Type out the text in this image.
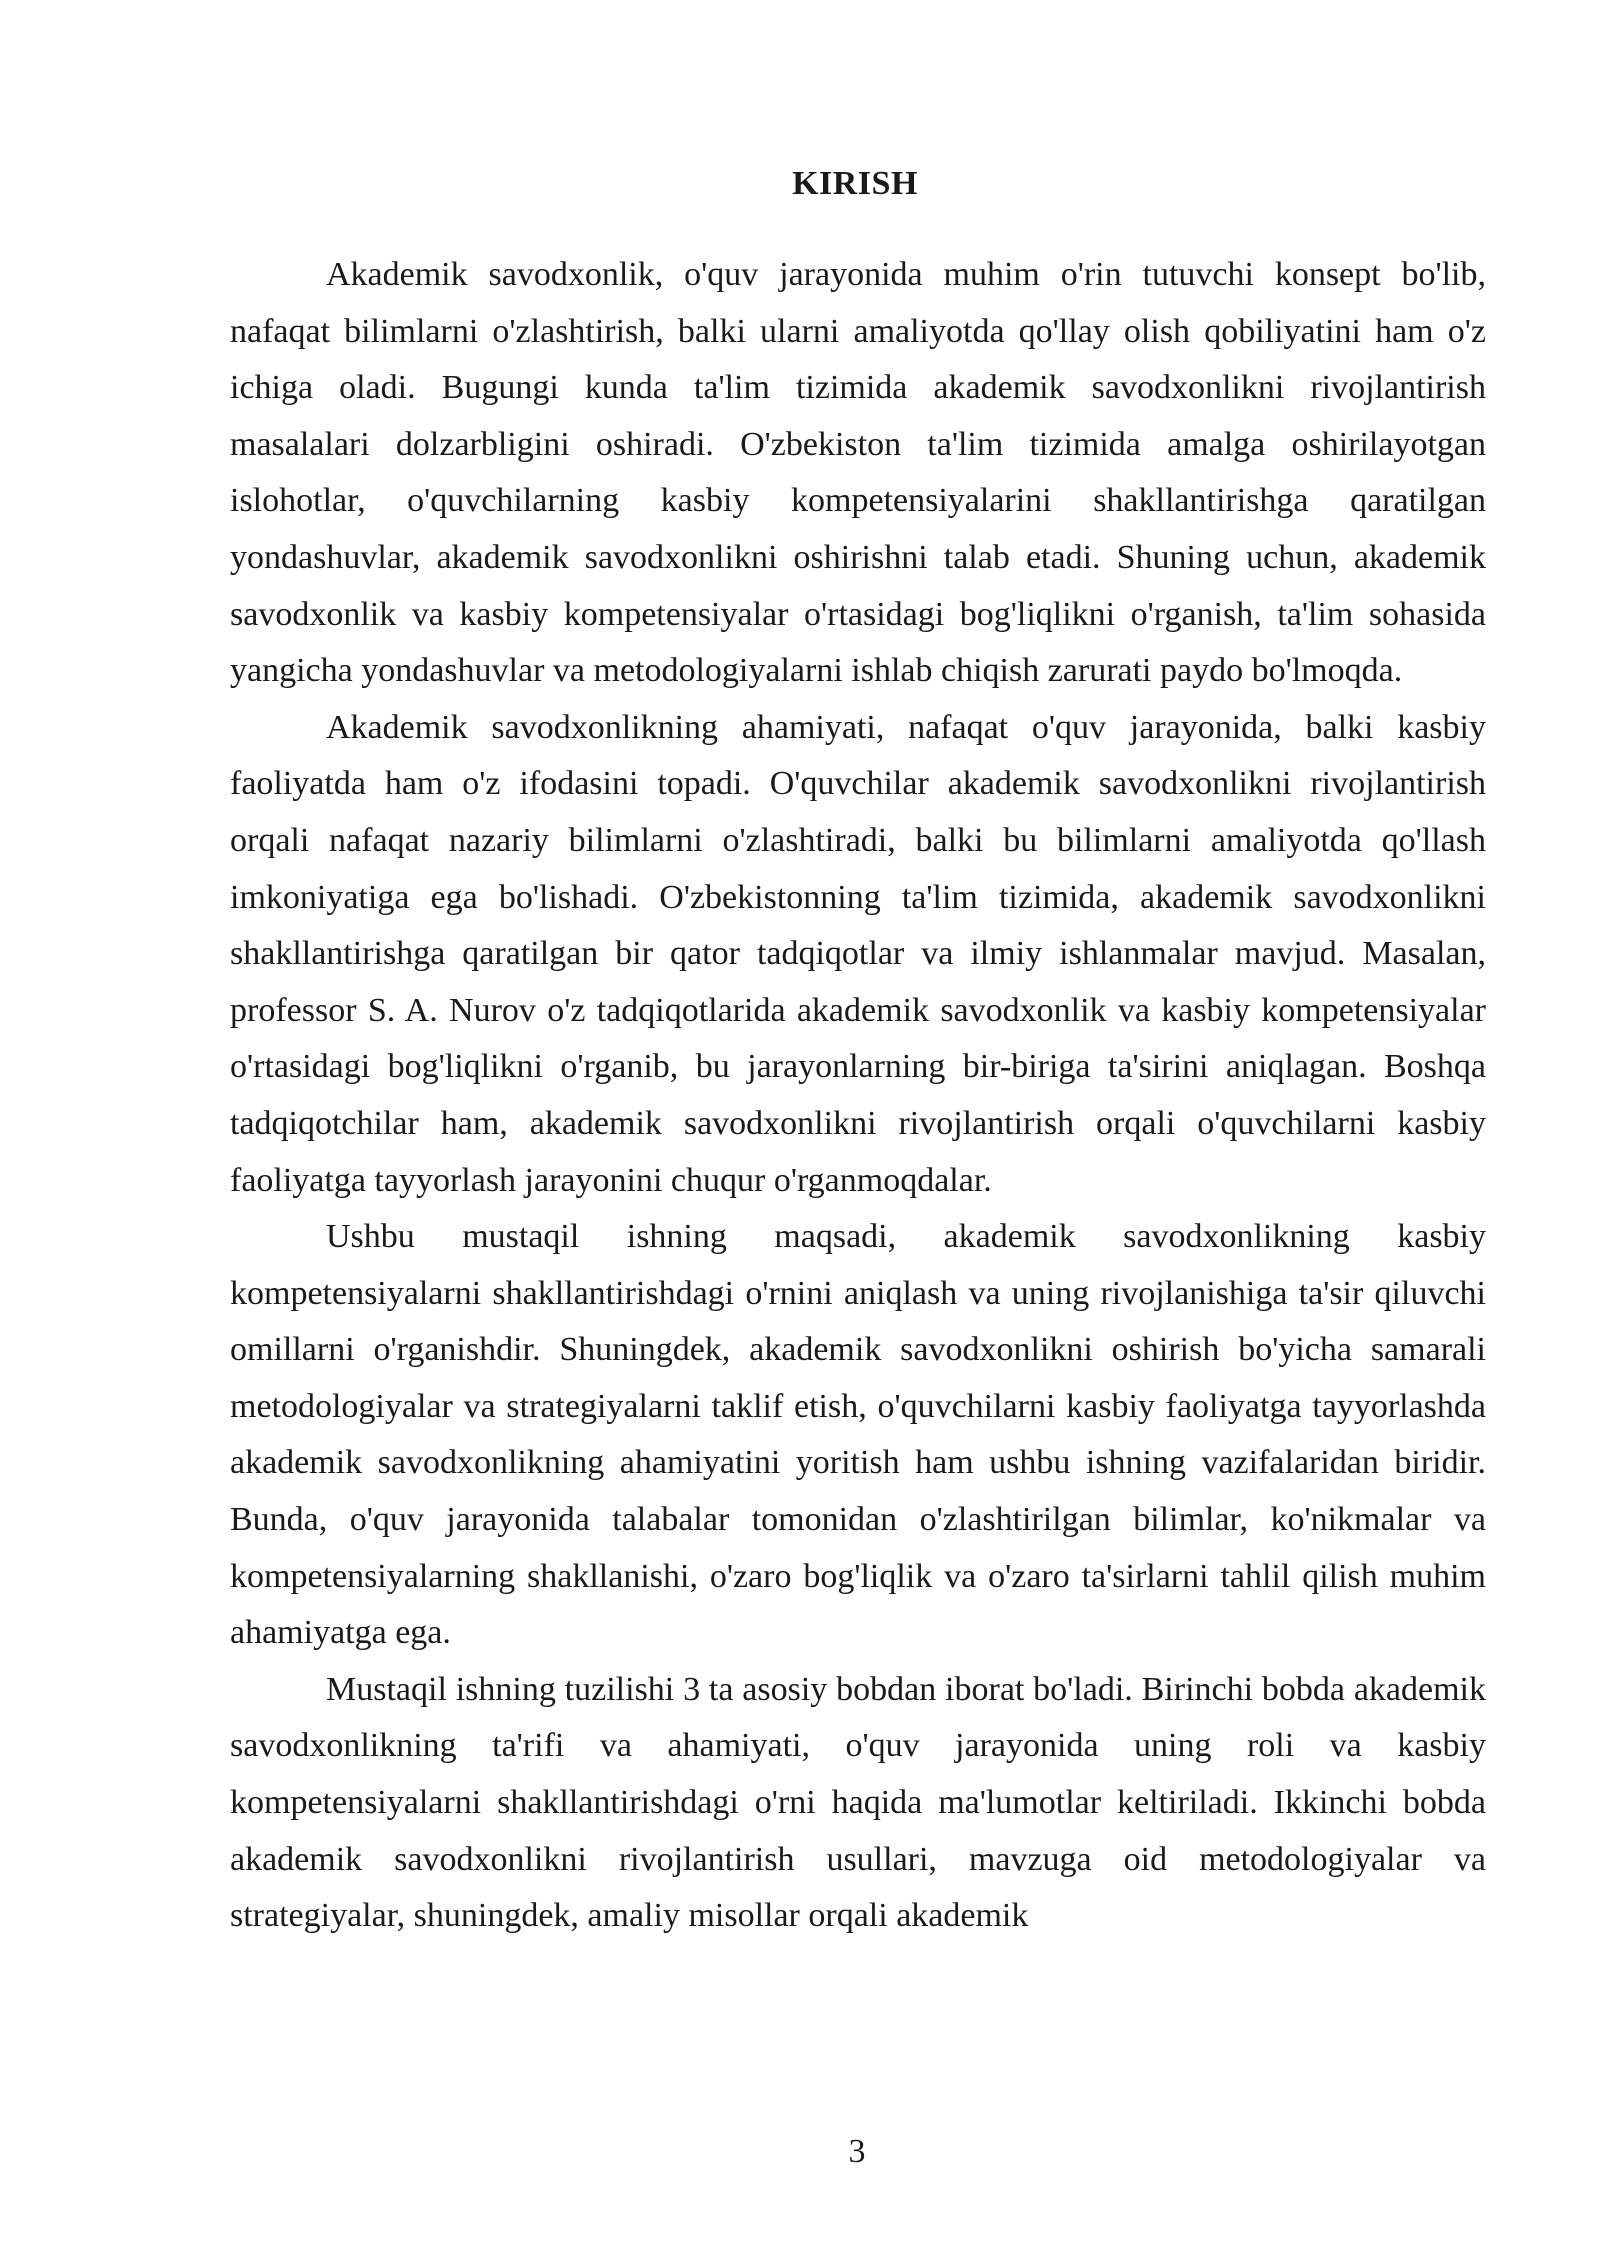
KIRISH

Akademik savodxonlik, o'quv jarayonida muhim o'rin tutuvchi konsept bo'lib, nafaqat bilimlarni o'zlashtirish, balki ularni amaliyotda qo'llay olish qobiliyatini ham o'z ichiga oladi. Bugungi kunda ta'lim tizimida akademik savodxonlikni rivojlantirish masalalari dolzarbligini oshiradi. O'zbekiston ta'lim tizimida amalga oshirilayotgan islohotlar, o'quvchilarning kasbiy kompetensiyalarini shakllantirishga qaratilgan yondashuvlar, akademik savodxonlikni oshirishni talab etadi. Shuning uchun, akademik savodxonlik va kasbiy kompetensiyalar o'rtasidagi bog'liqlikni o'rganish, ta'lim sohasida yangicha yondashuvlar va metodologiyalarni ishlab chiqish zarurati paydo bo'lmoqda.

Akademik savodxonlikning ahamiyati, nafaqat o'quv jarayonida, balki kasbiy faoliyatda ham o'z ifodasini topadi. O'quvchilar akademik savodxonlikni rivojlantirish orqali nafaqat nazariy bilimlarni o'zlashtiradi, balki bu bilimlarni amaliyotda qo'llash imkoniyatiga ega bo'lishadi. O'zbekistonning ta'lim tizimida, akademik savodxonlikni shakllantirishga qaratilgan bir qator tadqiqotlar va ilmiy ishlanmalar mavjud. Masalan, professor S. A. Nurov o'z tadqiqotlarida akademik savodxonlik va kasbiy kompetensiyalar o'rtasidagi bog'liqlikni o'rganib, bu jarayonlarning bir-biriga ta'sirini aniqlagan. Boshqa tadqiqotchilar ham, akademik savodxonlikni rivojlantirish orqali o'quvchilarni kasbiy faoliyatga tayyorlash jarayonini chuqur o'rganmoqdalar.

Ushbu mustaqil ishning maqsadi, akademik savodxonlikning kasbiy kompetensiyalarni shakllantirishdagi o'rnini aniqlash va uning rivojlanishiga ta'sir qiluvchi omillarni o'rganishdir. Shuningdek, akademik savodxonlikni oshirish bo'yicha samarali metodologiyalar va strategiyalarni taklif etish, o'quvchilarni kasbiy faoliyatga tayyorlashda akademik savodxonlikning ahamiyatini yoritish ham ushbu ishning vazifalaridan biridir. Bunda, o'quv jarayonida talabalar tomonidan o'zlashtirilgan bilimlar, ko'nikmalar va kompetensiyalarning shakllanishi, o'zaro bog'liqlik va o'zaro ta'sirlarni tahlil qilish muhim ahamiyatga ega.

Mustaqil ishning tuzilishi 3 ta asosiy bobdan iborat bo'ladi. Birinchi bobda akademik savodxonlikning ta'rifi va ahamiyati, o'quv jarayonida uning roli va kasbiy kompetensiyalarni shakllantirishdagi o'rni haqida ma'lumotlar keltiriladi. Ikkinchi bobda akademik savodxonlikni rivojlantirish usullari, mavzuga oid metodologiyalar va strategiyalar, shuningdek, amaliy misollar orqali akademik

3
